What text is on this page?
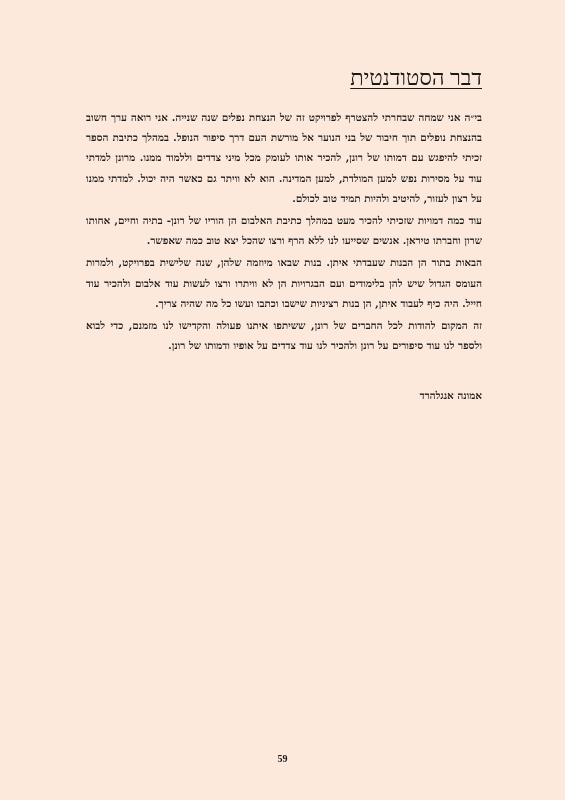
דבר הסטודנטית

בי״ה אני שמחה שבחרתי להצטרף לפרויקט זה של הנצחת נפלים שנה שנייה. אני רואה ערך חשוב בהנצחת נופלים תוך חיבור של בני הנוער אל מורשת העם דרך סיפור הנופל. במהלך כתיבת הספר זכיתי להיפגש עם דמותו של רונן, להכיר אותו לעומק מכל מיני צדדים וללמוד ממנו. מרונן למדתי עוד על מסירות נפש למען המולדת, למען המדינה. הוא לא וויתר גם כאשר היה יכול. למדתי ממנו על רצון לעזור, להיטיב ולהיות תמיד טוב לכולם.

עוד כמה דמויות שזכיתי להכיר מעט במהלך כתיבת האלבום הן הוריו של רונן- בתיה וחיים, אחותו שרון וחברתו טיראן. אנשים שסייעו לנו ללא הרף ורצו שהכל יצא טוב כמה שאפשר.

הבאות בתור הן הבנות שעבדתי איתן. בנות שבאו מיוזמה שלהן, שנה שלישית בפרויקט, ולמרות העומס הגדול שיש להן בלימודים ועם הבגרויות הן לא וויתרו ורצו לעשות עוד אלבום ולהכיר עוד חייל. היה כיף לעבוד איתן, הן בנות רציניות שישבו וכתבו ועשו כל מה שהיה צריך.

זה המקום להודות לכל החברים של רונן, ששיתפו איתנו פעולה והקדישו לנו מזמנם, כדי לבוא ולספר לנו עוד סיפורים על רונן ולהכיר לנו עוד צדדים על אופיו ודמותו של רונן.

אמונה אנגלהרד

59
